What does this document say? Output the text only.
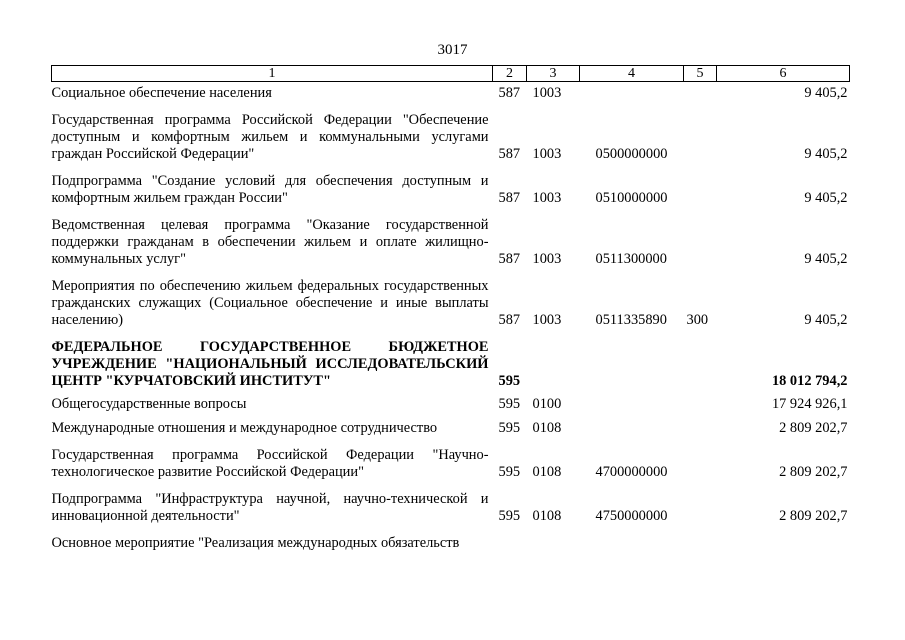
3017
1	2	3	4	5	6
Социальное обеспечение населения	587	1003			9 405,2

Государственная программа Российской Федерации "Обеспечение доступным и комфортным жильем и коммунальными услугами граждан Российской Федерации"	587	1003	0500000000		9 405,2

Подпрограмма "Создание условий для обеспечения доступным и комфортным жильем граждан России"	587	1003	0510000000		9 405,2

Ведомственная целевая программа "Оказание государственной поддержки гражданам в обеспечении жильем и оплате жилищно-коммунальных услуг"	587	1003	0511300000		9 405,2

Мероприятия по обеспечению жильем федеральных государственных гражданских служащих (Социальное обеспечение и иные выплаты населению)	587	1003	0511335890	300	9 405,2

ФЕДЕРАЛЬНОЕ ГОСУДАРСТВЕННОЕ БЮДЖЕТНОЕ УЧРЕЖДЕНИЕ "НАЦИОНАЛЬНЫЙ ИССЛЕДОВАТЕЛЬСКИЙ ЦЕНТР "КУРЧАТОВСКИЙ ИНСТИТУТ"	595				18 012 794,2

Общегосударственные вопросы	595	0100			17 924 926,1

Международные отношения и международное сотрудничество	595	0108			2 809 202,7

Государственная программа Российской Федерации "Научно-технологическое развитие Российской Федерации"	595	0108	4700000000		2 809 202,7

Подпрограмма "Инфраструктура научной, научно-технической и инновационной деятельности"	595	0108	4750000000		2 809 202,7

Основное мероприятие "Реализация международных обязательств					
